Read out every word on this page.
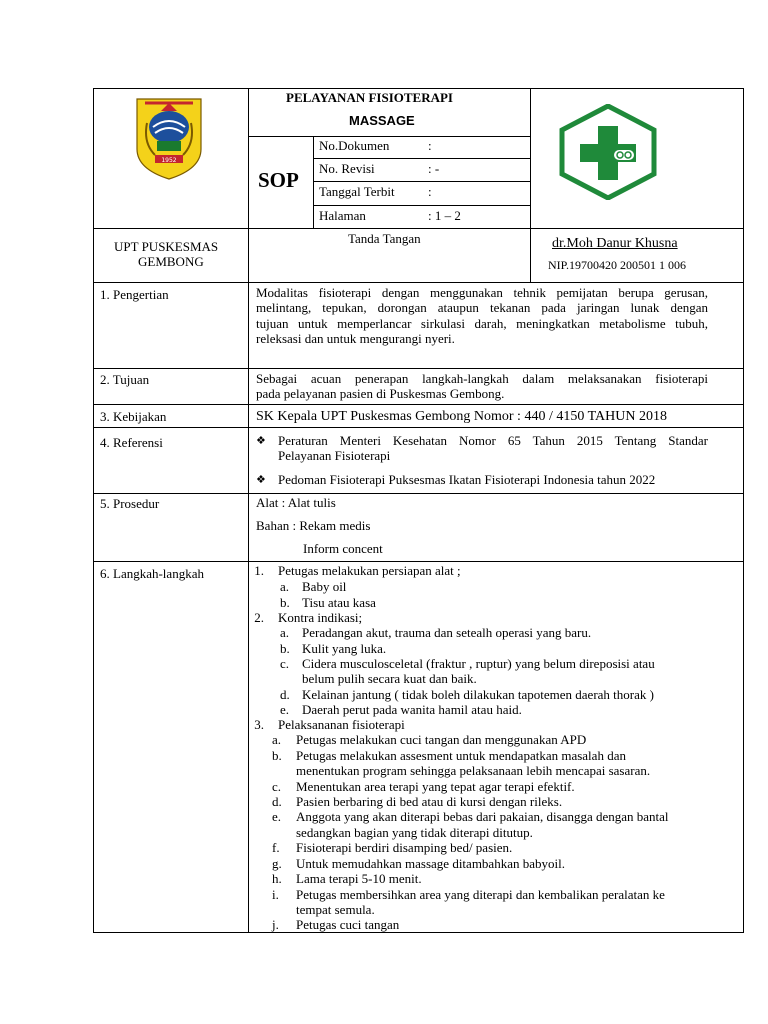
1952
PELAYANAN FISIOTERAPI
MASSAGE
SOP
No.Dokumen	:
No. Revisi	: -
Tanggal Terbit	:
Halaman	: 1 – 2
UPT PUSKESMAS
GEMBONG
Tanda Tangan	dr.Moh Danur Khusna
NIP.19700420 200501 1 006
1. Pengertian	Modalitas fisioterapi dengan menggunakan tehnik pemijatan berupa gerusan,
melintang, tepukan, dorongan ataupun tekanan pada jaringan lunak dengan
tujuan untuk memperlancar sirkulasi darah, meningkatkan metabolisme tubuh,
releksasi dan untuk mengurangi nyeri.
2. Tujuan	Sebagai acuan penerapan langkah-langkah dalam melaksanakan fisioterapi
pada pelayanan pasien di Puskesmas Gembong.
3. Kebijakan	SK Kepala UPT Puskesmas Gembong Nomor : 440 / 4150 TAHUN 2018
4. Referensi	❖ Peraturan Menteri Kesehatan Nomor 65 Tahun 2015 Tentang Standar
Pelayanan Fisioterapi
❖ Pedoman Fisioterapi Puksesmas Ikatan Fisioterapi Indonesia tahun 2022
5. Prosedur	Alat : Alat tulis
Bahan : Rekam medis
Inform concent
6. Langkah-langkah	1. Petugas melakukan persiapan alat ;
a. Baby oil
b. Tisu atau kasa
2. Kontra indikasi;
a. Peradangan akut, trauma dan setealh operasi yang baru.
b. Kulit yang luka.
c. Cidera musculosceletal (fraktur , ruptur) yang belum direposisi atau
belum pulih secara kuat dan baik.
d. Kelainan jantung ( tidak boleh dilakukan tapotemen daerah thorak )
e. Daerah perut pada wanita hamil atau haid.
3. Pelaksananan fisioterapi
a. Petugas melakukan cuci tangan dan menggunakan APD
b. Petugas melakukan assesment untuk mendapatkan masalah dan
menentukan program sehingga pelaksanaan lebih mencapai sasaran.
c. Menentukan area terapi yang tepat agar terapi efektif.
d. Pasien berbaring di bed atau di kursi dengan rileks.
e. Anggota yang akan diterapi bebas dari pakaian, disangga dengan bantal
sedangkan bagian yang tidak diterapi ditutup.
f. Fisioterapi berdiri disamping bed/ pasien.
g. Untuk memudahkan massage ditambahkan babyoil.
h. Lama terapi 5-10 menit.
i. Petugas membersihkan area yang diterapi dan kembalikan peralatan ke
tempat semula.
j. Petugas cuci tangan
